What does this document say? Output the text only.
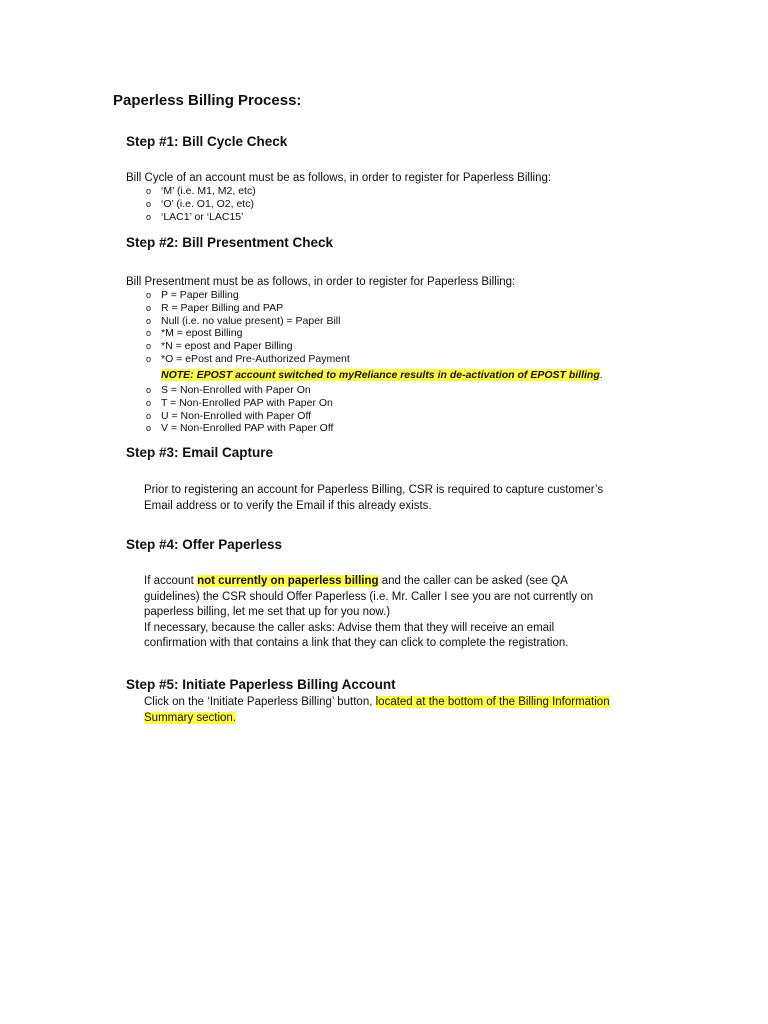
Paperless Billing Process:
Step #1: Bill Cycle Check
Bill Cycle of an account must be as follows, in order to register for Paperless Billing:
o ‘M’ (i.e. M1, M2, etc)
o ‘O’ (i.e. O1, O2, etc)
o ‘LAC1’ or ‘LAC15’
Step #2: Bill Presentment Check
Bill Presentment must be as follows, in order to register for Paperless Billing:
o P = Paper Billing
o R = Paper Billing and PAP
o Null (i.e. no value present) = Paper Bill
o *M = epost Billing
o *N = epost and Paper Billing
o *O = ePost and Pre-Authorized Payment
NOTE: EPOST account switched to myReliance results in de-activation of EPOST billing.
o S = Non-Enrolled with Paper On
o T = Non-Enrolled PAP with Paper On
o U = Non-Enrolled with Paper Off
o V = Non-Enrolled PAP with Paper Off
Step #3: Email Capture
Prior to registering an account for Paperless Billing, CSR is required to capture customer’s
Email address or to verify the Email if this already exists.
Step #4: Offer Paperless
If account not currently on paperless billing and the caller can be asked (see QA
guidelines) the CSR should Offer Paperless (i.e. Mr. Caller I see you are not currently on
paperless billing, let me set that up for you now.)
If necessary, because the caller asks: Advise them that they will receive an email
confirmation with that contains a link that they can click to complete the registration.
Step #5: Initiate Paperless Billing Account
Click on the ‘Initiate Paperless Billing’ button, located at the bottom of the Billing Information
Summary section.
